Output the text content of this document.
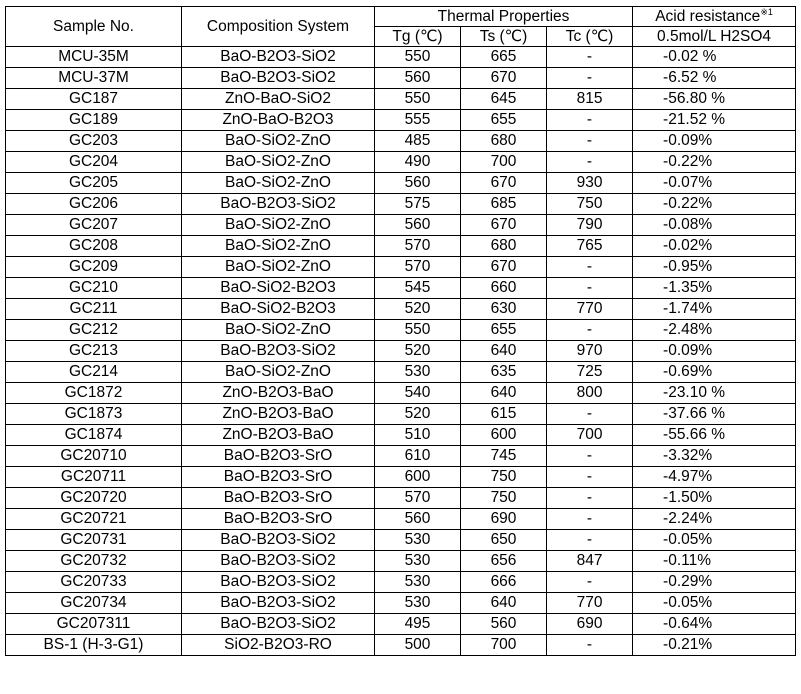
Sample No.	Composition System	Thermal Properties			Acid resistance$^{※1}$
		Tg (℃)	Ts (℃)	Tc (℃)	0.5mol/L H2SO4
MCU-35M	BaO-B2O3-SiO2	550	665	-	-0.02 %
MCU-37M	BaO-B2O3-SiO2	560	670	-	-6.52 %
GC187	ZnO-BaO-SiO2	550	645	815	-56.80 %
GC189	ZnO-BaO-B2O3	555	655	-	-21.52 %
GC203	BaO-SiO2-ZnO	485	680	-	-0.09%
GC204	BaO-SiO2-ZnO	490	700	-	-0.22%
GC205	BaO-SiO2-ZnO	560	670	930	-0.07%
GC206	BaO-B2O3-SiO2	575	685	750	-0.22%
GC207	BaO-SiO2-ZnO	560	670	790	-0.08%
GC208	BaO-SiO2-ZnO	570	680	765	-0.02%
GC209	BaO-SiO2-ZnO	570	670	-	-0.95%
GC210	BaO-SiO2-B2O3	545	660	-	-1.35%
GC211	BaO-SiO2-B2O3	520	630	770	-1.74%
GC212	BaO-SiO2-ZnO	550	655	-	-2.48%
GC213	BaO-B2O3-SiO2	520	640	970	-0.09%
GC214	BaO-SiO2-ZnO	530	635	725	-0.69%
GC1872	ZnO-B2O3-BaO	540	640	800	-23.10 %
GC1873	ZnO-B2O3-BaO	520	615	-	-37.66 %
GC1874	ZnO-B2O3-BaO	510	600	700	-55.66 %
GC20710	BaO-B2O3-SrO	610	745	-	-3.32%
GC20711	BaO-B2O3-SrO	600	750	-	-4.97%
GC20720	BaO-B2O3-SrO	570	750	-	-1.50%
GC20721	BaO-B2O3-SrO	560	690	-	-2.24%
GC20731	BaO-B2O3-SiO2	530	650	-	-0.05%
GC20732	BaO-B2O3-SiO2	530	656	847	-0.11%
GC20733	BaO-B2O3-SiO2	530	666	-	-0.29%
GC20734	BaO-B2O3-SiO2	530	640	770	-0.05%
GC207311	BaO-B2O3-SiO2	495	560	690	-0.64%
BS-1 (H-3-G1)	SiO2-B2O3-RO	500	700	-	-0.21%
